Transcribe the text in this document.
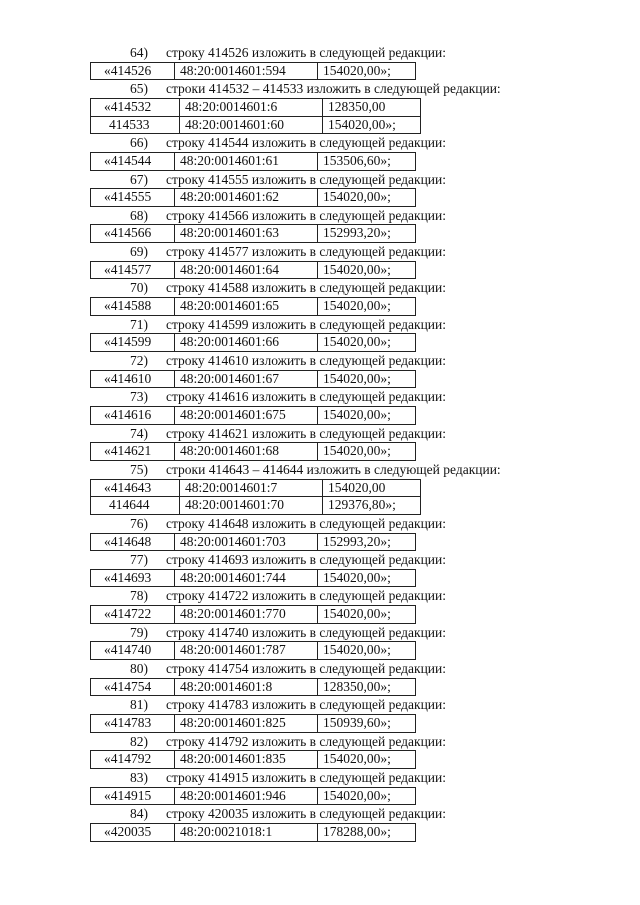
64) строку 414526 изложить в следующей редакции:
«414526	48:20:0014601:594	154020,00»;
65) строки 414532 – 414533 изложить в следующей редакции:
«414532	48:20:0014601:6	128350,00
414533	48:20:0014601:60	154020,00»;
66) строку 414544 изложить в следующей редакции:
«414544	48:20:0014601:61	153506,60»;
67) строку 414555 изложить в следующей редакции:
«414555	48:20:0014601:62	154020,00»;
68) строку 414566 изложить в следующей редакции:
«414566	48:20:0014601:63	152993,20»;
69) строку 414577 изложить в следующей редакции:
«414577	48:20:0014601:64	154020,00»;
70) строку 414588 изложить в следующей редакции:
«414588	48:20:0014601:65	154020,00»;
71) строку 414599 изложить в следующей редакции:
«414599	48:20:0014601:66	154020,00»;
72) строку 414610 изложить в следующей редакции:
«414610	48:20:0014601:67	154020,00»;
73) строку 414616 изложить в следующей редакции:
«414616	48:20:0014601:675	154020,00»;
74) строку 414621 изложить в следующей редакции:
«414621	48:20:0014601:68	154020,00»;
75) строки 414643 – 414644 изложить в следующей редакции:
«414643	48:20:0014601:7	154020,00
414644	48:20:0014601:70	129376,80»;
76) строку 414648 изложить в следующей редакции:
«414648	48:20:0014601:703	152993,20»;
77) строку 414693 изложить в следующей редакции:
«414693	48:20:0014601:744	154020,00»;
78) строку 414722 изложить в следующей редакции:
«414722	48:20:0014601:770	154020,00»;
79) строку 414740 изложить в следующей редакции:
«414740	48:20:0014601:787	154020,00»;
80) строку 414754 изложить в следующей редакции:
«414754	48:20:0014601:8	128350,00»;
81) строку 414783 изложить в следующей редакции:
«414783	48:20:0014601:825	150939,60»;
82) строку 414792 изложить в следующей редакции:
«414792	48:20:0014601:835	154020,00»;
83) строку 414915 изложить в следующей редакции:
«414915	48:20:0014601:946	154020,00»;
84) строку 420035 изложить в следующей редакции:
«420035	48:20:0021018:1	178288,00»;
